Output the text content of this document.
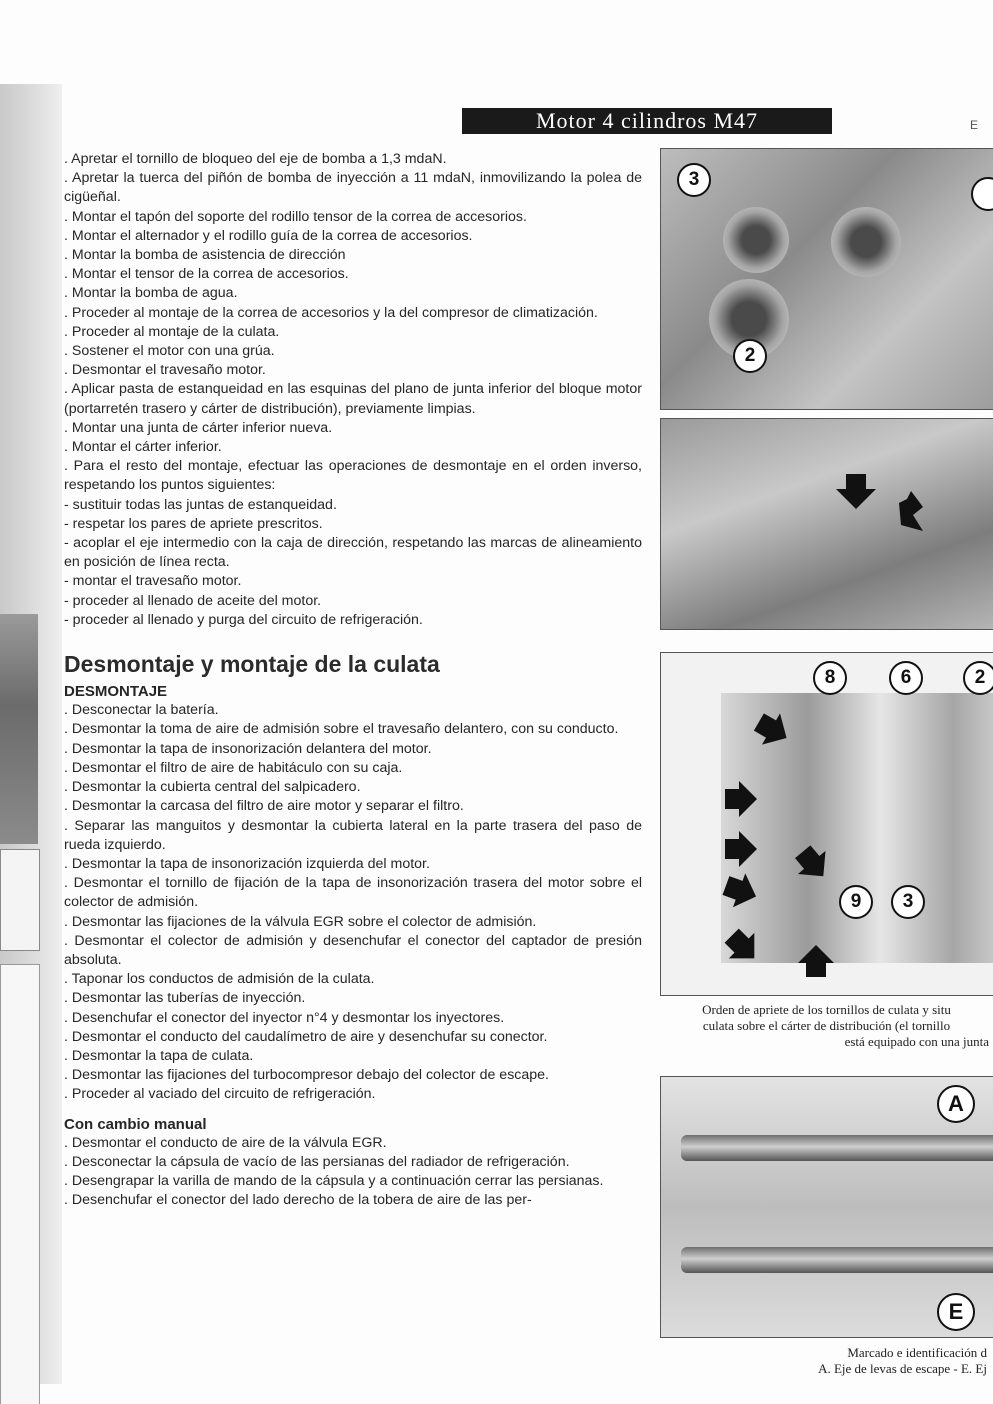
Motor 4 cilindros M47	E

. Apretar el tornillo de bloqueo del eje de bomba a 1,3 mdaN.

. Apretar la tuerca del piñón de bomba de inyección a 11 mdaN, inmovilizando la polea de cigüeñal.

. Montar el tapón del soporte del rodillo tensor de la correa de accesorios.

. Montar el alternador y el rodillo guía de la correa de accesorios.

. Montar la bomba de asistencia de dirección

. Montar el tensor de la correa de accesorios.

. Montar la bomba de agua.

. Proceder al montaje de la correa de accesorios y la del compresor de climatización.

. Proceder al montaje de la culata.

. Sostener el motor con una grúa.

. Desmontar el travesaño motor.

. Aplicar pasta de estanqueidad en las esquinas del plano de junta inferior del bloque motor (portarretén trasero y cárter de distribución), previamente limpias.

. Montar una junta de cárter inferior nueva.

. Montar el cárter inferior.

. Para el resto del montaje, efectuar las operaciones de desmontaje en el orden inverso, respetando los puntos siguientes:

- sustituir todas las juntas de estanqueidad.

- respetar los pares de apriete prescritos.

- acoplar el eje intermedio con la caja de dirección, respetando las marcas de alineamiento en posición de línea recta.

- montar el travesaño motor.

- proceder al llenado de aceite del motor.

- proceder al llenado y purga del circuito de refrigeración.

Desmontaje y montaje de la culata

DESMONTAJE

. Desconectar la batería.

. Desmontar la toma de aire de admisión sobre el travesaño delantero, con su conducto.

. Desmontar la tapa de insonorización delantera del motor.

. Desmontar el filtro de aire de habitáculo con su caja.

. Desmontar la cubierta central del salpicadero.

. Desmontar la carcasa del filtro de aire motor y separar el filtro.

. Separar las manguitos y desmontar la cubierta lateral en la parte trasera del paso de rueda izquierdo.

. Desmontar la tapa de insonorización izquierda del motor.

. Desmontar el tornillo de fijación de la tapa de insonorización trasera del motor sobre el colector de admisión.

. Desmontar las fijaciones de la válvula EGR sobre el colector de admisión.

. Desmontar el colector de admisión y desenchufar el conector del captador de presión absoluta.

. Taponar los conductos de admisión de la culata.

. Desmontar las tuberías de inyección.

. Desenchufar el conector del inyector n°4 y desmontar los inyectores.

. Desmontar el conducto del caudalímetro de aire y desenchufar su conector.

. Desmontar la tapa de culata.

. Desmontar las fijaciones del turbocompresor debajo del colector de escape.

. Proceder al vaciado del circuito de refrigeración.

Con cambio manual

. Desmontar el conducto de aire de la válvula EGR.

. Desconectar la cápsula de vacío de las persianas del radiador de refrigeración.

. Desengrapar la varilla de mando de la cápsula y a continuación cerrar las persianas.

. Desenchufar el conector del lado derecho de la tobera de aire de las per-

3
2
8	6	2
9	3
Orden de apriete de los tornillos de culata y situ
culata sobre el cárter de distribución (el tornillo
está equipado con una junta
A
E
Marcado e identificación d
A. Eje de levas de escape - E. Ej
